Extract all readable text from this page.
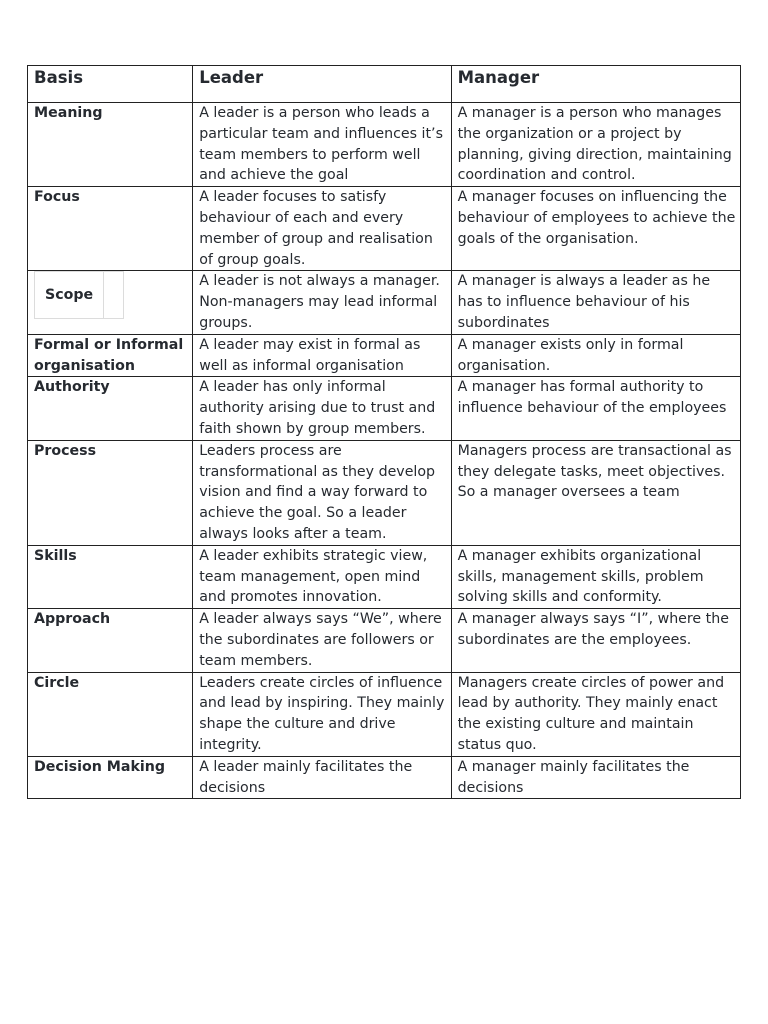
Basis	Leader	Manager
Meaning	A leader is a person who leads a particular team and influences it’s team members to perform well and achieve the goal	A manager is a person who manages the organization or a project by planning, giving direction, maintaining coordination and control.
Focus	A leader focuses to satisfy behaviour of each and every member of group and realisation of group goals.	A manager focuses on influencing the behaviour of employees to achieve the goals of the organisation.

Scope	A leader is not always a manager. Non-managers may lead informal groups.	A manager is always a leader as he has to influence behaviour of his subordinates
Formal or Informal organisation	A leader may exist in formal as well as informal organisation	A manager exists only in formal organisation.
Authority	A leader has only informal authority arising due to trust and faith shown by group members.	A manager has formal authority to influence behaviour of the employees
Process	Leaders process are transformational as they develop vision and find a way forward to achieve the goal. So a leader always looks after a team.	Managers process are transactional as they delegate tasks, meet objectives. So a manager oversees a team
Skills	A leader exhibits strategic view, team management, open mind and promotes innovation.	A manager exhibits organizational skills, management skills, problem solving skills and conformity.
Approach	A leader always says “We”, where the subordinates are followers or team members.	A manager always says “I”, where the subordinates are the employees.
Circle	Leaders create circles of influence and lead by inspiring. They mainly shape the culture and drive integrity.	Managers create circles of power and lead by authority. They mainly enact the existing culture and maintain status quo.
Decision Making	A leader mainly facilitates the decisions	A manager mainly facilitates the decisions
